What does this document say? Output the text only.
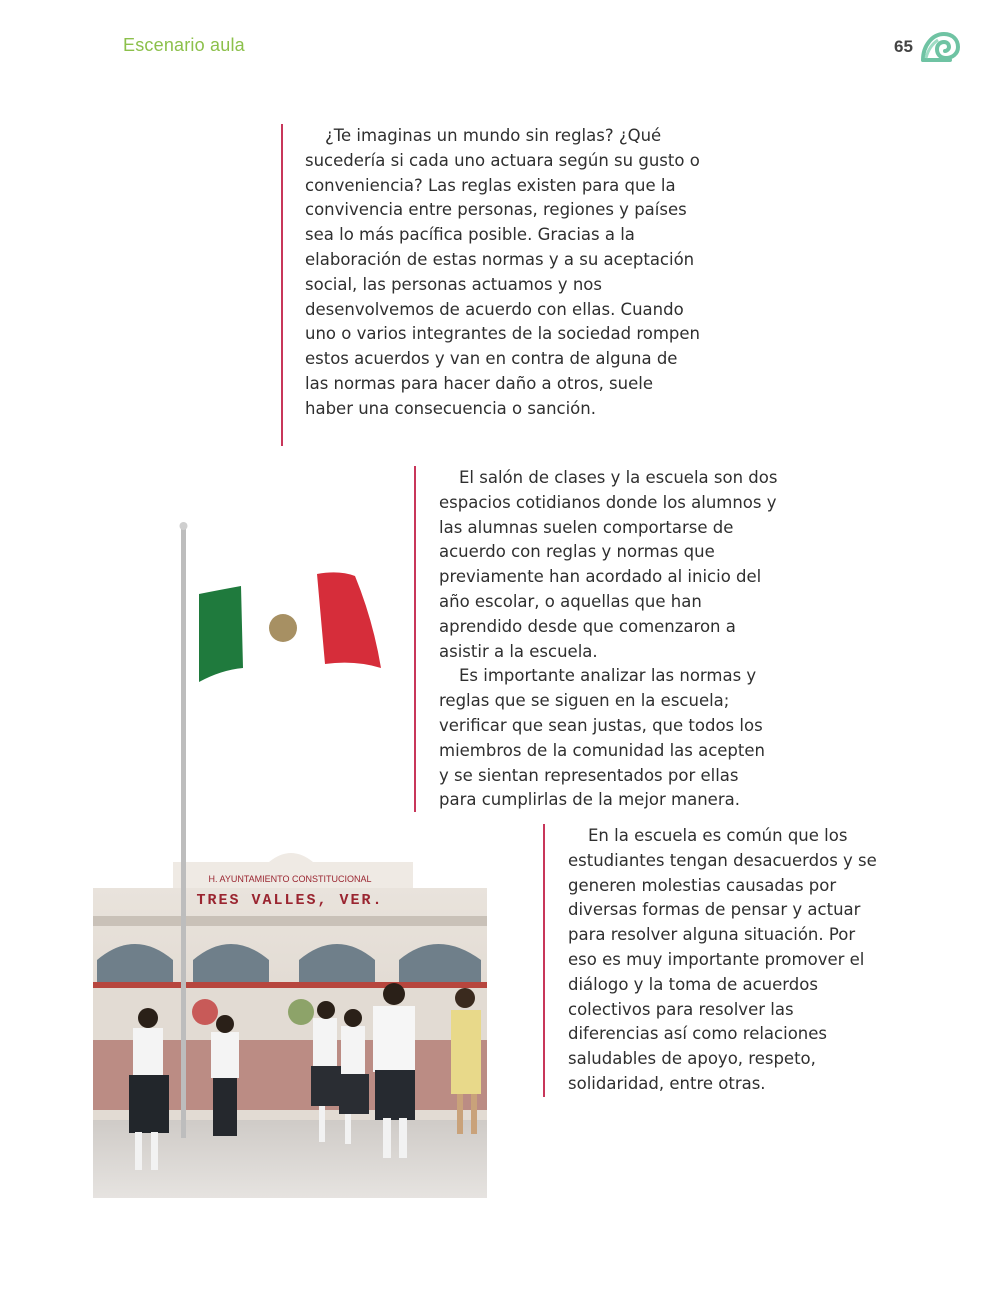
Escenario aula	65

¿Te imaginas un mundo sin reglas? ¿Qué sucedería si cada uno actuara según su gusto o conveniencia? Las reglas existen para que la convivencia entre personas, regiones y países sea lo más pacífica posible. Gracias a la elaboración de estas normas y a su aceptación social, las personas actuamos y nos desenvolvemos de acuerdo con ellas. Cuando uno o varios integrantes de la sociedad rompen estos acuerdos y van en contra de alguna de las normas para hacer daño a otros, suele haber una consecuencia o sanción.

El salón de clases y la escuela son dos espacios cotidianos donde los alumnos y las alumnas suelen comportarse de acuerdo con reglas y normas que previamente han acordado al inicio del año escolar, o aquellas que han aprendido desde que comenzaron a asistir a la escuela.

Es importante analizar las normas y reglas que se siguen en la escuela; verificar que sean justas, que todos los miembros de la comunidad las acepten y se sientan representados por ellas para cumplirlas de la mejor manera.

En la escuela es común que los estudiantes tengan desacuerdos y se generen molestias causadas por diversas formas de pensar y actuar para resolver alguna situación. Por eso es muy importante promover el diálogo y la toma de acuerdos colectivos para resolver las diferencias así como relaciones saludables de apoyo, respeto, solidaridad, entre otras.

H. AYUNTAMIENTO CONSTITUCIONAL
TRES VALLES, VER.
